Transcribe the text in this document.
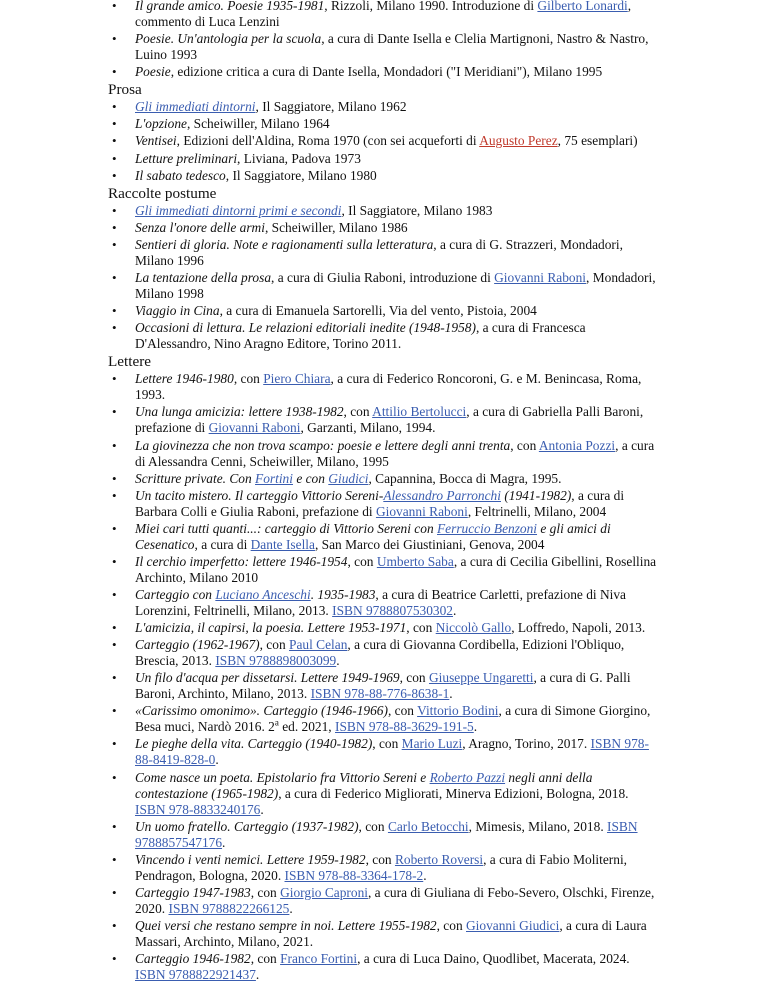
• Il grande amico. Poesie 1935-1981, Rizzoli, Milano 1990. Introduzione di Gilberto Lonardi, commento di Luca Lenzini
• Poesie. Un'antologia per la scuola, a cura di Dante Isella e Clelia Martignoni, Nastro & Nastro, Luino 1993
• Poesie, edizione critica a cura di Dante Isella, Mondadori ("I Meridiani"), Milano 1995
Prosa
• Gli immediati dintorni, Il Saggiatore, Milano 1962
• L'opzione, Scheiwiller, Milano 1964
• Ventisei, Edizioni dell'Aldina, Roma 1970 (con sei acqueforti di Augusto Perez, 75 esemplari)
• Letture preliminari, Liviana, Padova 1973
• Il sabato tedesco, Il Saggiatore, Milano 1980
Raccolte postume
• Gli immediati dintorni primi e secondi, Il Saggiatore, Milano 1983
• Senza l'onore delle armi, Scheiwiller, Milano 1986
• Sentieri di gloria. Note e ragionamenti sulla letteratura, a cura di G. Strazzeri, Mondadori, Milano 1996
• La tentazione della prosa, a cura di Giulia Raboni, introduzione di Giovanni Raboni, Mondadori, Milano 1998
• Viaggio in Cina, a cura di Emanuela Sartorelli, Via del vento, Pistoia, 2004
• Occasioni di lettura. Le relazioni editoriali inedite (1948-1958), a cura di Francesca D'Alessandro, Nino Aragno Editore, Torino 2011.
Lettere
• Lettere 1946-1980, con Piero Chiara, a cura di Federico Roncoroni, G. e M. Benincasa, Roma, 1993.
• Una lunga amicizia: lettere 1938-1982, con Attilio Bertolucci, a cura di Gabriella Palli Baroni, prefazione di Giovanni Raboni, Garzanti, Milano, 1994.
• La giovinezza che non trova scampo: poesie e lettere degli anni trenta, con Antonia Pozzi, a cura di Alessandra Cenni, Scheiwiller, Milano, 1995
• Scritture private. Con Fortini e con Giudici, Capannina, Bocca di Magra, 1995.
• Un tacito mistero. Il carteggio Vittorio Sereni-Alessandro Parronchi (1941-1982), a cura di Barbara Colli e Giulia Raboni, prefazione di Giovanni Raboni, Feltrinelli, Milano, 2004
• Miei cari tutti quanti...: carteggio di Vittorio Sereni con Ferruccio Benzoni e gli amici di Cesenatico, a cura di Dante Isella, San Marco dei Giustiniani, Genova, 2004
• Il cerchio imperfetto: lettere 1946-1954, con Umberto Saba, a cura di Cecilia Gibellini, Rosellina Archinto, Milano 2010
• Carteggio con Luciano Anceschi. 1935-1983, a cura di Beatrice Carletti, prefazione di Niva Lorenzini, Feltrinelli, Milano, 2013. ISBN 9788807530302.
• L'amicizia, il capirsi, la poesia. Lettere 1953-1971, con Niccolò Gallo, Loffredo, Napoli, 2013.
• Carteggio (1962-1967), con Paul Celan, a cura di Giovanna Cordibella, Edizioni l'Obliquo, Brescia, 2013. ISBN 9788898003099.
• Un filo d'acqua per dissetarsi. Lettere 1949-1969, con Giuseppe Ungaretti, a cura di G. Palli Baroni, Archinto, Milano, 2013. ISBN 978-88-776-8638-1.
• «Carissimo omonimo». Carteggio (1946-1966), con Vittorio Bodini, a cura di Simone Giorgino, Besa muci, Nardò 2016. 2$^a$ ed. 2021, ISBN 978-88-3629-191-5.
• Le pieghe della vita. Carteggio (1940-1982), con Mario Luzi, Aragno, Torino, 2017. ISBN 978-88-8419-828-0.
• Come nasce un poeta. Epistolario fra Vittorio Sereni e Roberto Pazzi negli anni della contestazione (1965-1982), a cura di Federico Migliorati, Minerva Edizioni, Bologna, 2018. ISBN 978-8833240176.
• Un uomo fratello. Carteggio (1937-1982), con Carlo Betocchi, Mimesis, Milano, 2018. ISBN 9788857547176.
• Vincendo i venti nemici. Lettere 1959-1982, con Roberto Roversi, a cura di Fabio Moliterni, Pendragon, Bologna, 2020. ISBN 978-88-3364-178-2.
• Carteggio 1947-1983, con Giorgio Caproni, a cura di Giuliana di Febo-Severo, Olschki, Firenze, 2020. ISBN 9788822266125.
• Quei versi che restano sempre in noi. Lettere 1955-1982, con Giovanni Giudici, a cura di Laura Massari, Archinto, Milano, 2021.
• Carteggio 1946-1982, con Franco Fortini, a cura di Luca Daino, Quodlibet, Macerata, 2024. ISBN 9788822921437.
